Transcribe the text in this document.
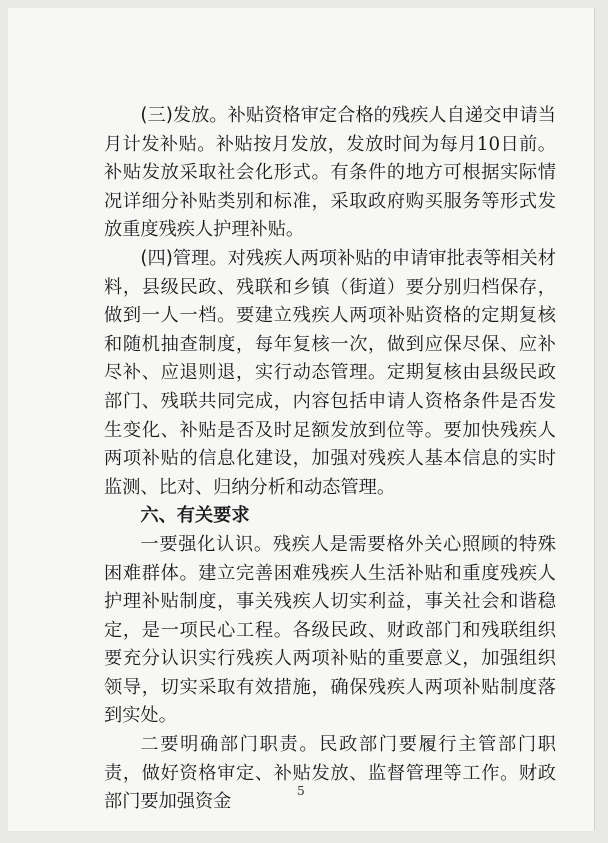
(三)发放。补贴资格审定合格的残疾人自递交申请当月计发补贴。补贴按月发放，发放时间为每月10日前。补贴发放采取社会化形式。有条件的地方可根据实际情况详细分补贴类别和标准，采取政府购买服务等形式发放重度残疾人护理补贴。

(四)管理。对残疾人两项补贴的申请审批表等相关材料，县级民政、残联和乡镇（街道）要分别归档保存，做到一人一档。要建立残疾人两项补贴资格的定期复核和随机抽查制度，每年复核一次，做到应保尽保、应补尽补、应退则退，实行动态管理。定期复核由县级民政部门、残联共同完成，内容包括申请人资格条件是否发生变化、补贴是否及时足额发放到位等。要加快残疾人两项补贴的信息化建设，加强对残疾人基本信息的实时监测、比对、归纳分析和动态管理。

六、有关要求

一要强化认识。残疾人是需要格外关心照顾的特殊困难群体。建立完善困难残疾人生活补贴和重度残疾人护理补贴制度，事关残疾人切实利益，事关社会和谐稳定，是一项民心工程。各级民政、财政部门和残联组织要充分认识实行残疾人两项补贴的重要意义，加强组织领导，切实采取有效措施，确保残疾人两项补贴制度落到实处。

二要明确部门职责。民政部门要履行主管部门职责，做好资格审定、补贴发放、监督管理等工作。财政部门要加强资金

5
